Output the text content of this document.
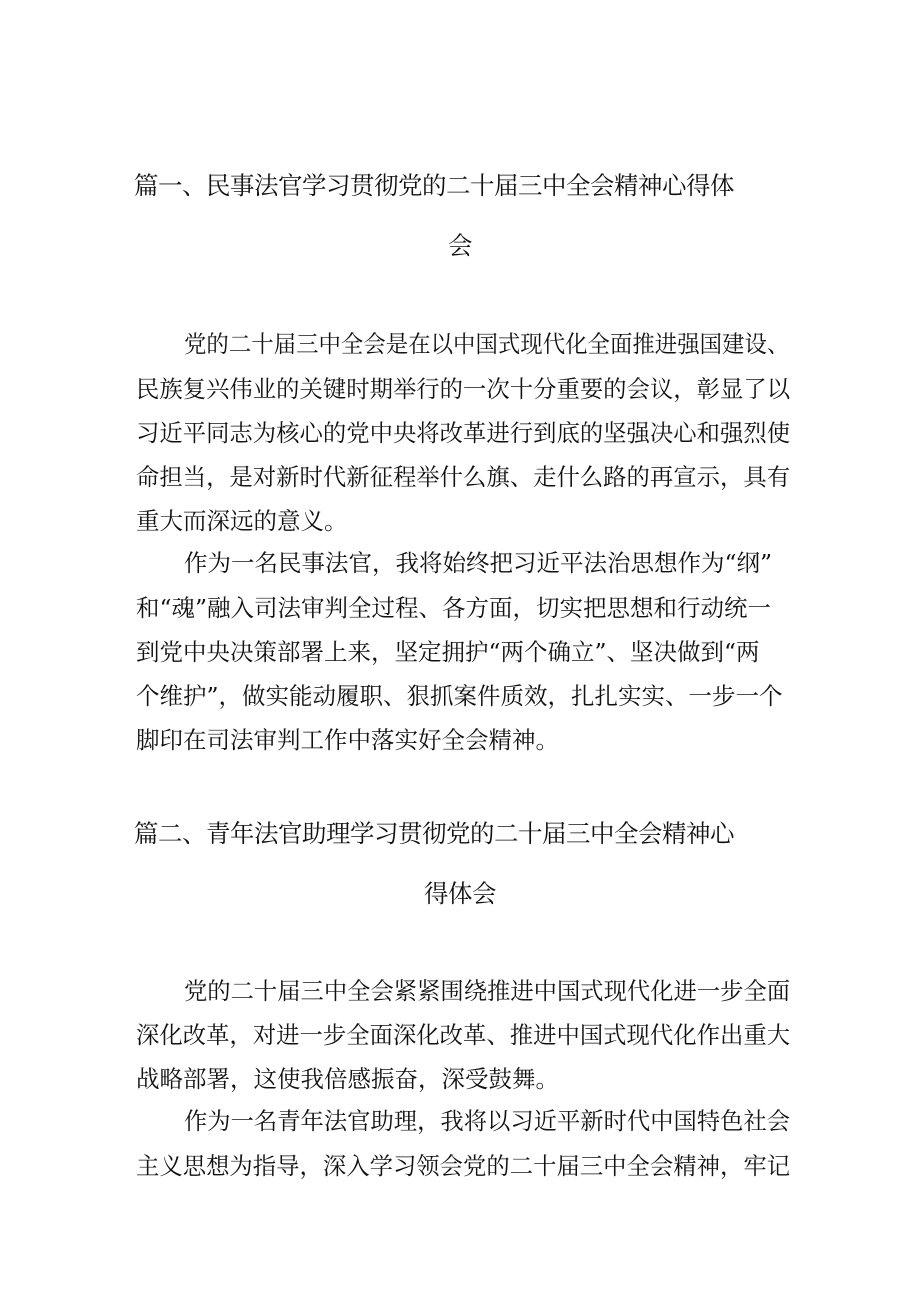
篇一、民事法官学习贯彻党的二十届三中全会精神心得体
会
党的二十届三中全会是在以中国式现代化全面推进强国建设、
民族复兴伟业的关键时期举行的一次十分重要的会议，彰显了以
习近平同志为核心的党中央将改革进行到底的坚强决心和强烈使
命担当，是对新时代新征程举什么旗、走什么路的再宣示，具有
重大而深远的意义。
作为一名民事法官，我将始终把习近平法治思想作为“纲”
和“魂”融入司法审判全过程、各方面，切实把思想和行动统一
到党中央决策部署上来，坚定拥护“两个确立”、坚决做到“两
个维护”，做实能动履职、狠抓案件质效，扎扎实实、一步一个
脚印在司法审判工作中落实好全会精神。
篇二、青年法官助理学习贯彻党的二十届三中全会精神心
得体会
党的二十届三中全会紧紧围绕推进中国式现代化进一步全面
深化改革，对进一步全面深化改革、推进中国式现代化作出重大
战略部署，这使我倍感振奋，深受鼓舞。
作为一名青年法官助理，我将以习近平新时代中国特色社会
主义思想为指导，深入学习领会党的二十届三中全会精神，牢记
